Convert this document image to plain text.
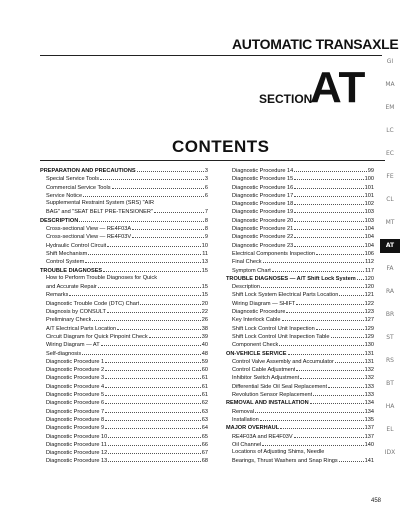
AUTOMATIC TRANSAXLE
SECTION
AT
CONTENTS
PREPARATION AND PRECAUTIONS	3
Special Service Tools	3
Commercial Service Tools	6
Service Notice	6
Supplemental Restraint System (SRS) "AIR
BAG" and "SEAT BELT PRE-TENSIONER"	7
DESCRIPTION	8
Cross-sectional View — RE4F03A	8
Cross-sectional View — RE4F03V	9
Hydraulic Control Circuit	10
Shift Mechanism	11
Control System	13
TROUBLE DIAGNOSES	15
How to Perform Trouble Diagnoses for Quick
and Accurate Repair	15
Remarks	15
Diagnostic Trouble Code (DTC) Chart	20
Diagnosis by CONSULT	22
Preliminary Check	26
A/T Electrical Parts Location	38
Circuit Diagram for Quick Pinpoint Check	39
Wiring Diagram — AT	40
Self-diagnosis	48
Diagnostic Procedure 1	59
Diagnostic Procedure 2	60
Diagnostic Procedure 3	61
Diagnostic Procedure 4	61
Diagnostic Procedure 5	61
Diagnostic Procedure 6	62
Diagnostic Procedure 7	63
Diagnostic Procedure 8	63
Diagnostic Procedure 9	64
Diagnostic Procedure 10	65
Diagnostic Procedure 11	66
Diagnostic Procedure 12	67
Diagnostic Procedure 13	68
Diagnostic Procedure 14	99
Diagnostic Procedure 15	100
Diagnostic Procedure 16	101
Diagnostic Procedure 17	101
Diagnostic Procedure 18	102
Diagnostic Procedure 19	103
Diagnostic Procedure 20	103
Diagnostic Procedure 21	104
Diagnostic Procedure 22	104
Diagnostic Procedure 23	104
Electrical Components Inspection	106
Final Check	112
Symptom Chart	117
TROUBLE DIAGNOSES — A/T Shift Lock System 120
Description	120
Shift Lock System Electrical Parts Location	121
Wiring Diagram — SHIFT	122
Diagnostic Procedure	123
Key Interlock Cable	127
Shift Lock Control Unit Inspection	129
Shift Lock Control Unit Inspection Table	129
Component Check	130
ON-VEHICLE SERVICE	131
Control Valve Assembly and Accumulator	131
Control Cable Adjustment	132
Inhibitor Switch Adjustment	132
Differential Side Oil Seal Replacement	133
Revolution Sensor Replacement	133
REMOVAL AND INSTALLATION	134
Removal	134
Installation	135
MAJOR OVERHAUL	137
RE4F03A and RE4F03V	137
Oil Channel	140
Locations of Adjusting Shims, Needle
Bearings, Thrust Washers and Snap Rings	141
GI
MA
EM
LC
EC
FE
CL
MT
AT
FA
RA
BR
ST
RS
BT
HA
EL
IDX
458
